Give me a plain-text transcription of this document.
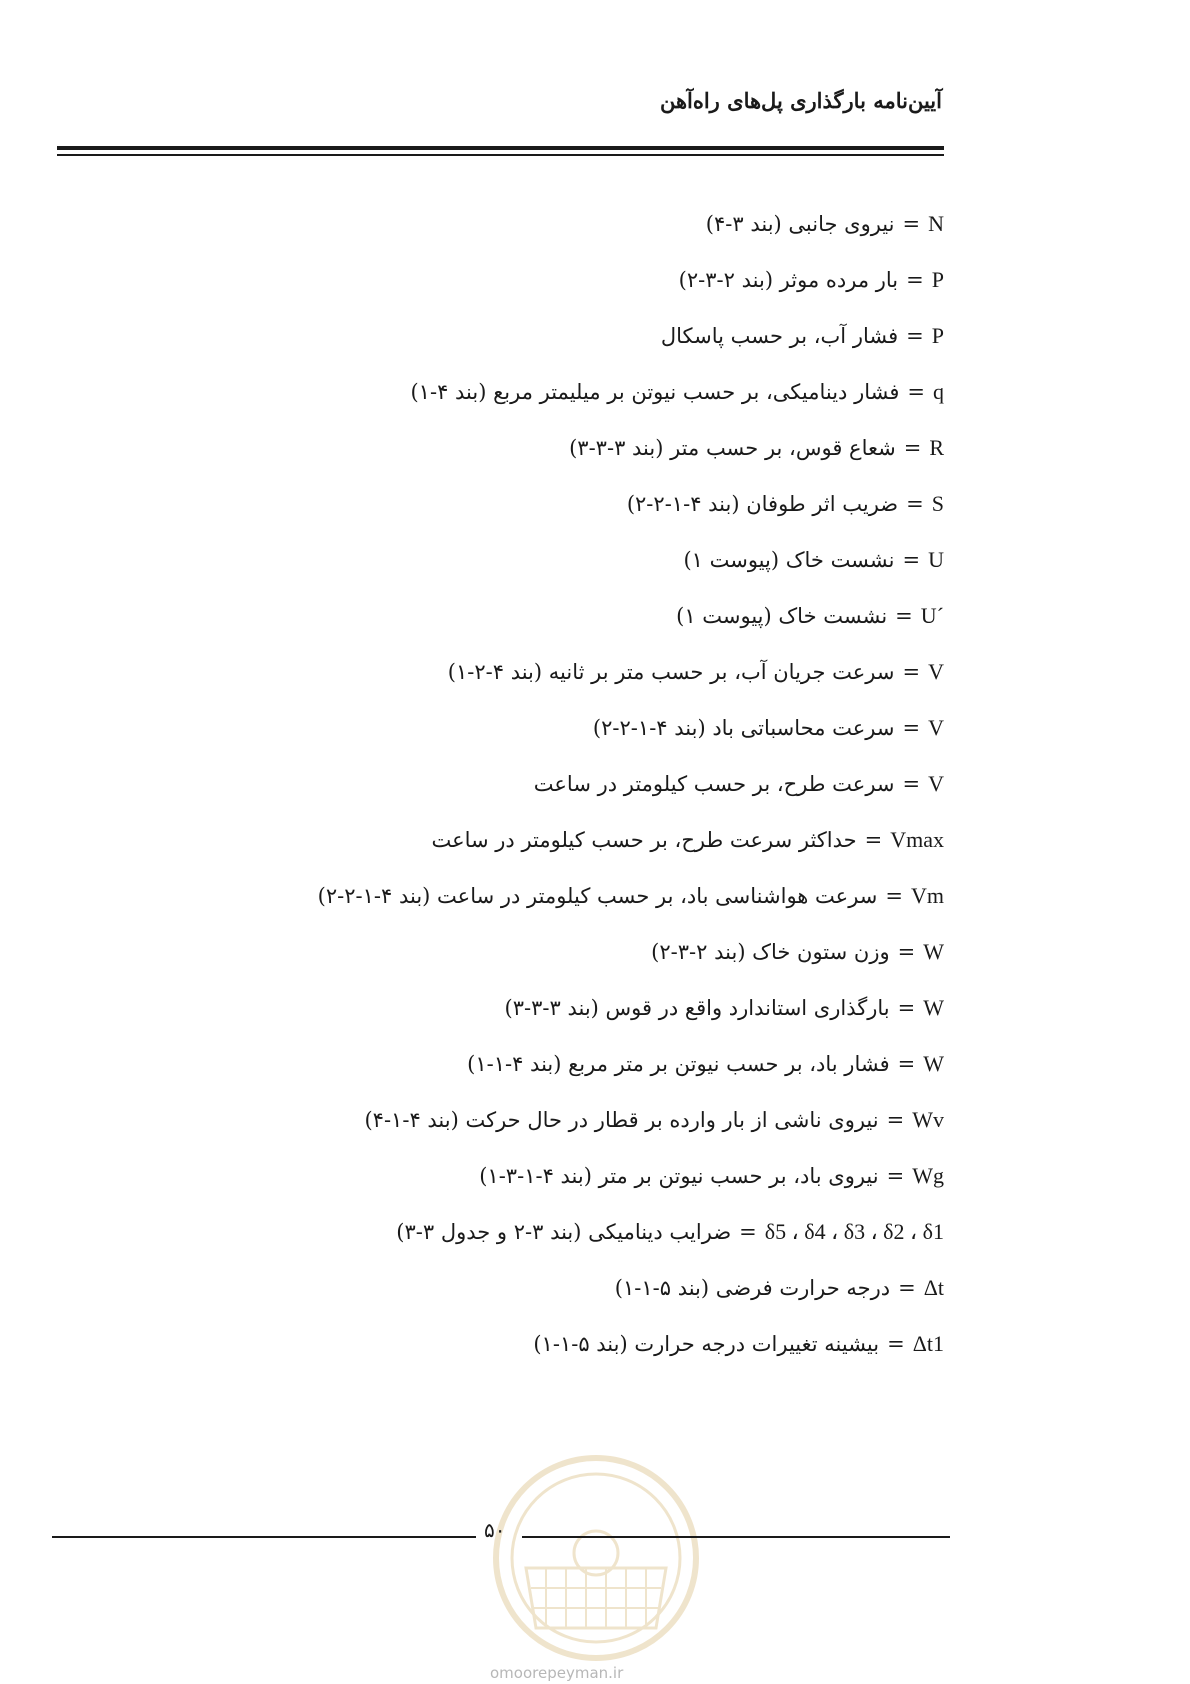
آیین‌نامه بارگذاری پل‌های راه‌آهن
N=نیروی جانبی (بند ۳-۴)
P=بار مرده موثر (بند ۲-۳-۲)
P=فشار آب، بر حسب پاسکال
q=فشار دینامیکی، بر حسب نیوتن بر میلیمتر مربع (بند ۴-۱)
R=شعاع قوس، بر حسب متر (بند ۳-۳-۳)
S=ضریب اثر طوفان (بند ۴-۱-۲-۲)
U=نشست خاک (پیوست ۱)
U´=نشست خاک (پیوست ۱)
V=سرعت جریان آب، بر حسب متر بر ثانیه (بند ۴-۲-۱)
V=سرعت محاسباتی باد (بند ۴-۱-۲-۲)
V=سرعت طرح، بر حسب کیلومتر در ساعت
Vmax=حداکثر سرعت طرح، بر حسب کیلومتر در ساعت
Vm=سرعت هواشناسی باد، بر حسب کیلومتر در ساعت (بند ۴-۱-۲-۲)
W=وزن ستون خاک (بند ۲-۳-۲)
W=بارگذاری استاندارد واقع در قوس (بند ۳-۳-۳)
W=فشار باد، بر حسب نیوتن بر متر مربع (بند ۴-۱-۱)
Wv=نیروی ناشی از بار وارده بر قطار در حال حرکت (بند ۴-۱-۴)
Wg=نیروی باد، بر حسب نیوتن بر متر (بند ۴-۱-۳-۱)
δ5 ، δ4 ، δ3 ، δ2 ، δ1=ضرایب دینامیکی (بند ۳-۲ و جدول ۳-۳)
Δt=درجه حرارت فرضی (بند ۵-۱-۱)
Δt1=بیشینه تغییرات درجه حرارت (بند ۵-۱-۱)
۵۰
omoorepeyman.ir
